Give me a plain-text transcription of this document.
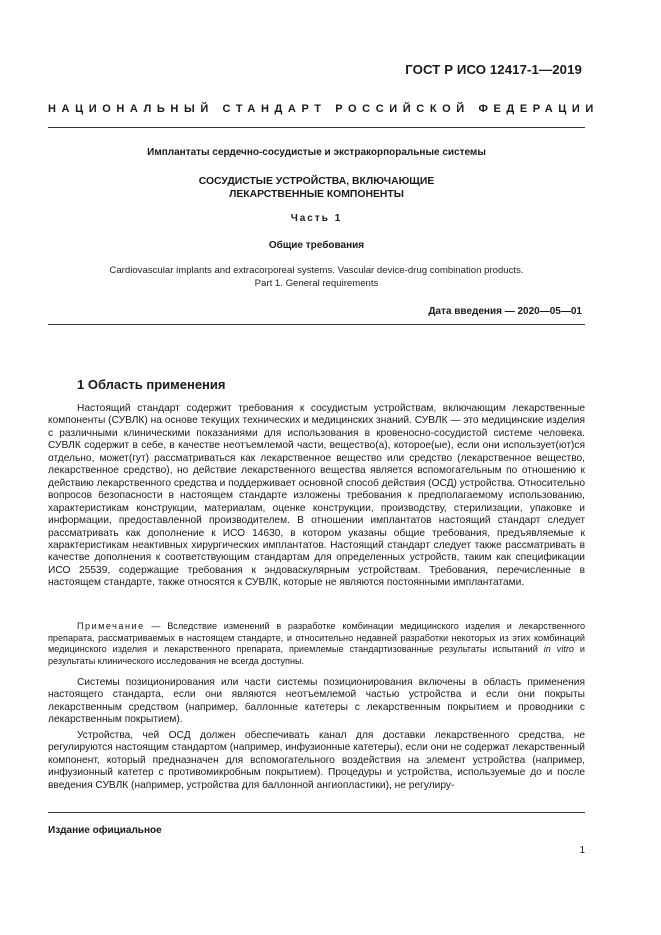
ГОСТ Р ИСО 12417-1—2019
НАЦИОНАЛЬНЫЙ СТАНДАРТ РОССИЙСКОЙ ФЕДЕРАЦИИ
Имплантаты сердечно-сосудистые и экстракорпоральные системы
СОСУДИСТЫЕ УСТРОЙСТВА, ВКЛЮЧАЮЩИЕ
ЛЕКАРСТВЕННЫЕ КОМПОНЕНТЫ
Часть 1
Общие требования
Cardiovascular implants and extracorporeal systems. Vascular device-drug combination products.
Part 1. General requirements
Дата введения — 2020—05—01
1 Область применения

Настоящий стандарт содержит требования к сосудистым устройствам, включающим лекарственные компоненты (СУВЛК) на основе текущих технических и медицинских знаний. СУВЛК — это медицинские изделия с различными клиническими показаниями для использования в кровеносно-сосудистой системе человека. СУВЛК содержит в себе, в качестве неотъемлемой части, вещество(а), которое(ые), если они использует(ют)ся отдельно, может(гут) рассматриваться как лекарственное вещество или средство (лекарственное вещество, лекарственное средство), но действие лекарственного вещества является вспомогательным по отношению к действию лекарственного средства и поддерживает основной способ действия (ОСД) устройства. Относительно вопросов безопасности в настоящем стандарте изложены требования к предполагаемому использованию, характеристикам конструкции, материалам, оценке конструкции, производству, стерилизации, упаковке и информации, предоставленной производителем. В отношении имплантатов настоящий стандарт следует рассматривать как дополнение к ИСО 14630, в котором указаны общие требования, предъявляемые к характеристикам неактивных хирургических имплантатов. Настоящий стандарт следует также рассматривать в качестве дополнения к соответствующим стандартам для определенных устройств, таким как спецификации ИСО 25539, содержащие требования к эндоваскулярным устройствам. Требования, перечисленные в настоящем стандарте, также относятся к СУВЛК, которые не являются постоянными имплантатами.

Примечание — Вследствие изменений в разработке комбинации медицинского изделия и лекарственного препарата, рассматриваемых в настоящем стандарте, и относительно недавней разработки некоторых из этих комбинаций медицинского изделия и лекарственного препарата, приемлемые стандартизованные результаты испытаний in vitro и результаты клинического исследования не всегда доступны.

Системы позиционирования или части системы позиционирования включены в область применения настоящего стандарта, если они являются неотъемлемой частью устройства и если они покрыты лекарственным средством (например, баллонные катетеры с лекарственным покрытием и проводники с лекарственным покрытием).

Устройства, чей ОСД должен обеспечивать канал для доставки лекарственного средства, не регулируются настоящим стандартом (например, инфузионные катетеры), если они не содержат лекарственный компонент, который предназначен для вспомогательного воздействия на элемент устройства (например, инфузионный катетер с противомикробным покрытием). Процедуры и устройства, используемые до и после введения СУВЛК (например, устройства для баллонной ангиопластики), не регулиру-

Издание официальное
1
